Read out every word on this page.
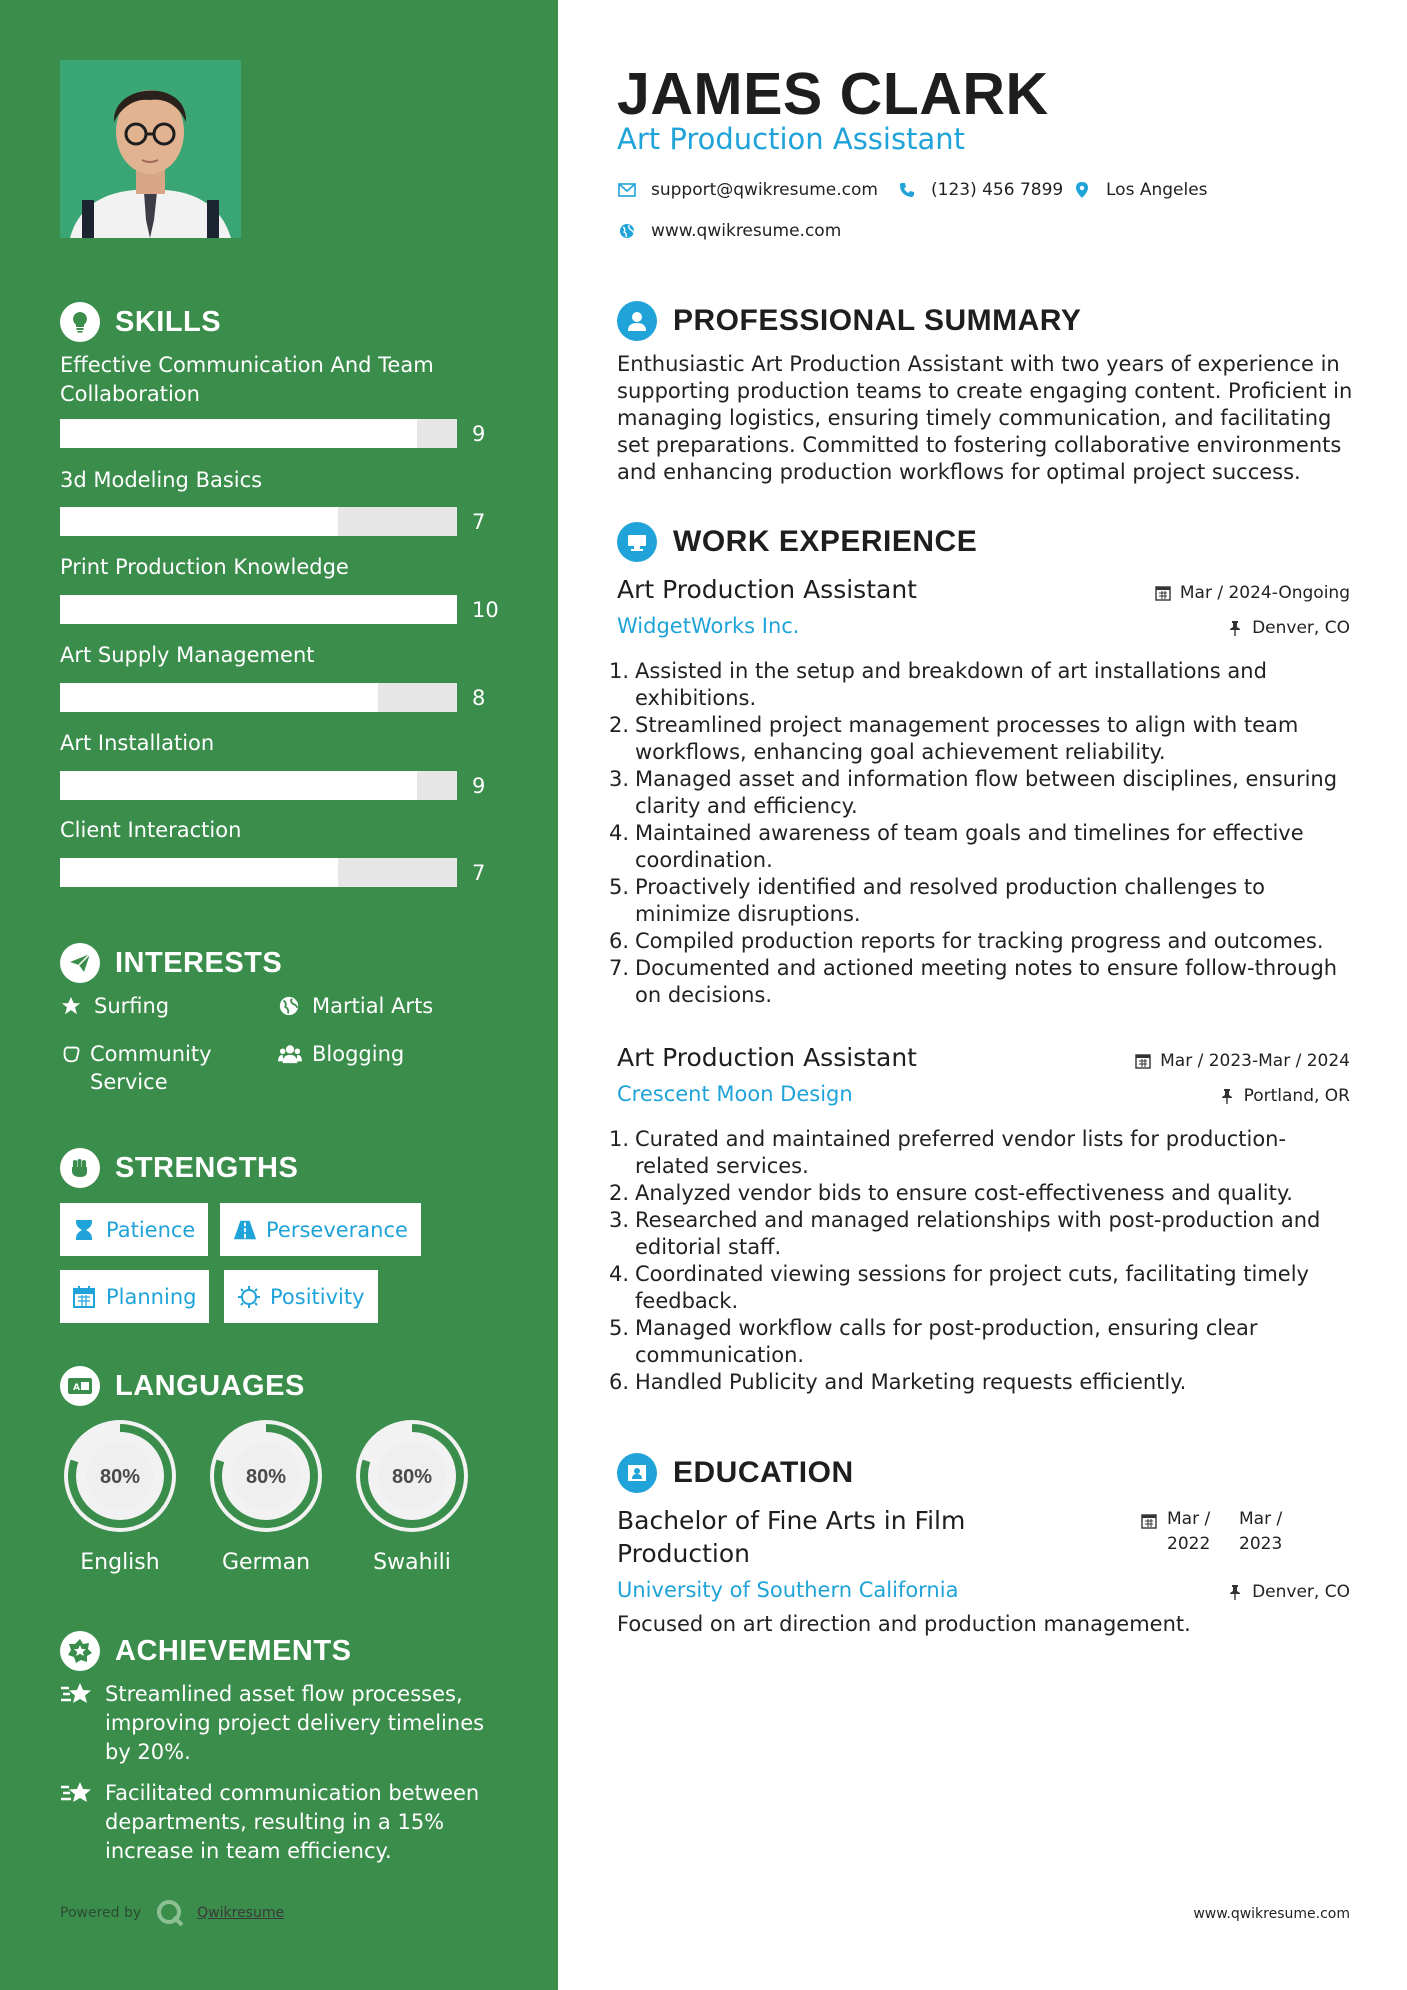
SKILLS
Effective Communication And Team Collaboration
9
3d Modeling Basics
7
Print Production Knowledge
10
Art Supply Management
8
Art Installation
9
Client Interaction
7
INTERESTS
Surfing	Martial Arts
Community Service
Blogging
STRENGTHS
Patience	Perseverance
Planning	Positivity
A LANGUAGES
80%
English
80%
German
80%
Swahili
ACHIEVEMENTS
Streamlined asset flow processes, improving project delivery timelines by 20%.
Facilitated communication between departments, resulting in a 15% increase in team efficiency.
Powered by	Qwikresume
JAMES CLARK
Art Production Assistant
support@qwikresume.com	(123) 456 7899	Los Angeles
www.qwikresume.com
PROFESSIONAL SUMMARY
Enthusiastic Art Production Assistant with two years of experience in supporting production teams to create engaging content. Proficient in managing logistics, ensuring timely communication, and facilitating set preparations. Committed to fostering collaborative environments and enhancing production workflows for optimal project success.
WORK EXPERIENCE
Art Production Assistant	Mar / 2024-Ongoing
WidgetWorks Inc.	Denver, CO
1. Assisted in the setup and breakdown of art installations and exhibitions.
2. Streamlined project management processes to align with team workflows, enhancing goal achievement reliability.
3. Managed asset and information flow between disciplines, ensuring clarity and efficiency.
4. Maintained awareness of team goals and timelines for effective coordination.
5. Proactively identified and resolved production challenges to minimize disruptions.
6. Compiled production reports for tracking progress and outcomes.
7. Documented and actioned meeting notes to ensure follow-through on decisions.
Art Production Assistant	Mar / 2023-Mar / 2024
Crescent Moon Design	Portland, OR
1. Curated and maintained preferred vendor lists for production-related services.
2. Analyzed vendor bids to ensure cost-effectiveness and quality.
3. Researched and managed relationships with post-production and editorial staff.
4. Coordinated viewing sessions for project cuts, facilitating timely feedback.
5. Managed workflow calls for post-production, ensuring clear communication.
6. Handled Publicity and Marketing requests efficiently.
EDUCATION
Bachelor of Fine Arts in Film Production
Mar / 2022
Mar / 2023
University of Southern California	Denver, CO
Focused on art direction and production management.
www.qwikresume.com
